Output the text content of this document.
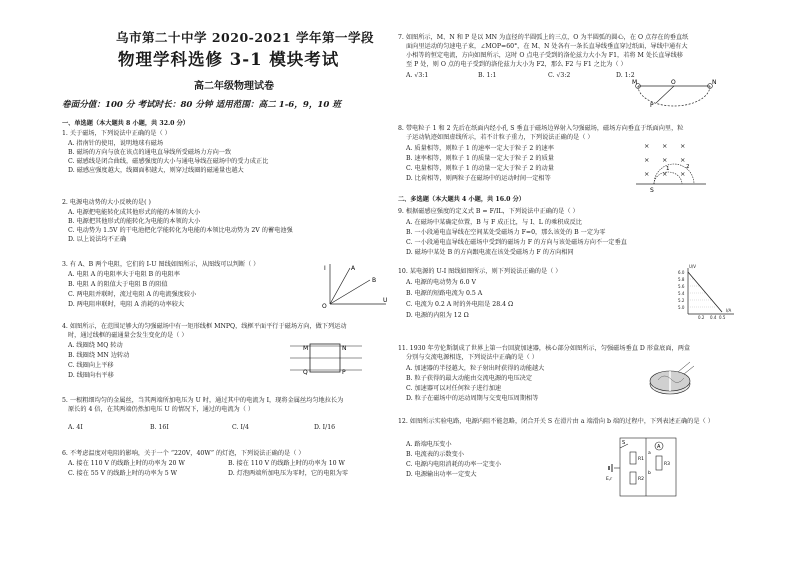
乌市第二十中学 2020-2021 学年第一学段
物理学科选修 3-1 模块考试
高二年级物理试卷
卷面分值：100 分 考试时长：80 分钟 适用范围：高二 1-6，9，10 班
一、单选题（本大题共 8 小题，共 32.0 分）
1. 关于磁场，下列说法中正确的是（ ）
A. 指南针的使用，说明地球有磁场
B. 磁场的方向与放在该点的通电直导线所受磁场力方向一致
C. 磁感线是闭合曲线，磁感强度的大小与通电导线在磁场中的受力成正比
D. 磁感应强度越大，线圈面积越大，则穿过线圈的磁通量也越大
2. 电源电动势的大小反映的是( )
A. 电源把电能转化成其他形式的能的本领的大小
B. 电源把其他形式的能转化为电能的本领的大小
C. 电动势为 1.5V 的干电池把化学能转化为电能的本领比电动势为 2V 的蓄电池强
D. 以上说法均不正确
3. 有 A、B 两个电阻，它们的 I-U 图线如图所示，从图线可以判断（ ）
A. 电阻 A 的电阻率大于电阻 B 的电阻率
B. 电阻 A 的阻值大于电阻 B 的阻值
C. 两电阻并联时，流过电阻 A 的电流强度较小
D. 两电阻串联时，电阻 A 消耗的功率较大
I
U
O
A
B
4. 如图所示，在范围足够大的匀强磁场中有一矩形线框 MNPQ，线框平面平行于磁场方向，做下列运动
时，通过线框的磁通量会发生变化的是（ ）
A. 线圈绕 MQ 转动
B. 线圈绕 MN 边转动
C. 线圈向上平移
D. 线圈向右平移
M	N
P
Q
5. 一根粗细均匀的金属丝，当其两端所加电压为 U 时，通过其中的电流为 I，现将金属丝均匀地拉长为
原长的 4 倍，在其两端仍然加电压 U 的情况下，通过的电流为（ ）
A. 4I	B. 16I	C. I/4	D. I/16
6. 不考虑温度对电阻的影响，关于一个 “220V，40W” 的灯泡，下列说法正确的是（ ）
A. 接在 110 V 的线路上时的功率为 20 W	B. 接在 110 V 的线路上时的功率为 10 W
C. 接在 55 V 的线路上时的功率为 5 W	D. 灯泡两端所加电压为零时，它的电阻为零
7. 如图所示，M、N 和 P 是以 MN 为直径的半圆弧上的三点，O 为半圆弧的圆心，在 O 点存在的垂直纸
面向里运动的匀速电子束，∠MOP=60°，在 M、N 处各有一条长直导线垂直穿过纸面，导线中通有大
小相等的恒定电流，方向如图所示，这时 O 点电子受到的洛伦兹力大小为 F1，若将 M 处长直导线移
至 P 处，则 O 点的电子受到的洛伦兹力大小为 F2，那么 F2 与 F1 之比为（ ）
A. √3:1	B. 1:1	C. √3:2	D. 1:2
M	N
O
P
8. 带电粒子 1 和 2 先后在纸面内经小孔 S 垂直于磁场边界射入匀强磁场，磁场方向垂直于纸面向里，粒
子运动轨迹如图虚线所示，若不计粒子重力，下列说法正确的是（ ）
A. 质量相等，则粒子 1 的速率一定大于粒子 2 的速率
B. 速率相等，则粒子 1 的质量一定大于粒子 2 的质量
C. 电量相等，则粒子 1 的动量一定大于粒子 2 的动量
D. 比荷相等，则两粒子在磁场中的运动时间一定相等
× × ×
× × ×
× × ×
S
1	2
二、多选题（本大题共 4 小题，共 16.0 分）
9. 根据磁感应强度的定义式 B = F/IL，下列说法中正确的是（ ）
A. 在磁场中某确定位置，B 与 F 成正比，与 I、L 的乘积成反比
B. 一小段通电直导线在空间某处受磁场力 F=0，那么该处的 B 一定为零
C. 一小段通电直导线在磁场中受到的磁场力 F 的方向与该处磁场方向不一定垂直
D. 磁场中某处 B 的方向跟电流在该处受磁场力 F 的方向相同
10. 某电源的 U-I 图线如图所示，则下列说法正确的是（ ）
A. 电源的电动势为 6.0 V
B. 电源的短路电流为 0.5 A
C. 电流为 0.2 A 时的外电阻是 28.4 Ω
D. 电源的内阻为 12 Ω
6.0
5.8
5.6
5.4
5.2
5.0
0.2 0.4 0.5
U/V
I/A
11. 1930 年劳伦斯制成了世界上第一台回旋加速器，核心部分如图所示，匀强磁场垂直 D 形盒底面，两盒
分别与交流电源相连，下列说法中正确的是（ ）
A. 加速器的半径越大，粒子射出时获得的动能越大
B. 粒子获得的最大动能由交流电源的电压决定
C. 加速器可以对任何粒子进行加速
D. 粒子在磁场中的运动周期与交变电压周期相等
12. 如图所示实验电路，电源内阻不能忽略，闭合开关 S 在滑片由 a 端滑向 b 端的过程中，下列表述正确的是（ ）
A. 路端电压变小
B. 电流表的示数变小
C. 电源内电阻消耗的功率一定变小
D. 电源输出功率一定变大
S
A
R1
R2
R3
a
b
E,r
